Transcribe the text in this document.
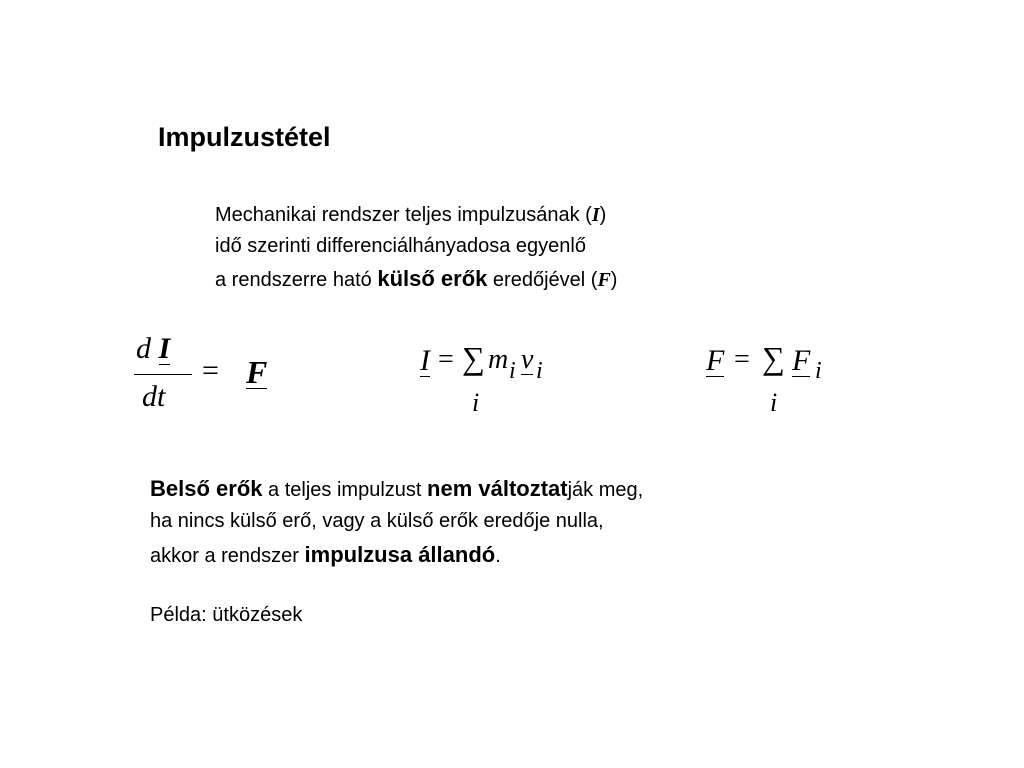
Impulzustétel
Mechanikai rendszer teljes impulzusának (I)
idő szerinti differenciálhányadosa egyenlő
a rendszerre ható külső erők eredőjével (F)
d I
dt
= F	I = ∑ m i v i
i
F = ∑ F i
i
Belső erők a teljes impulzust nem változtatják meg,
ha nincs külső erő, vagy a külső erők eredője nulla,
akkor a rendszer impulzusa állandó.
Példa: ütközések
